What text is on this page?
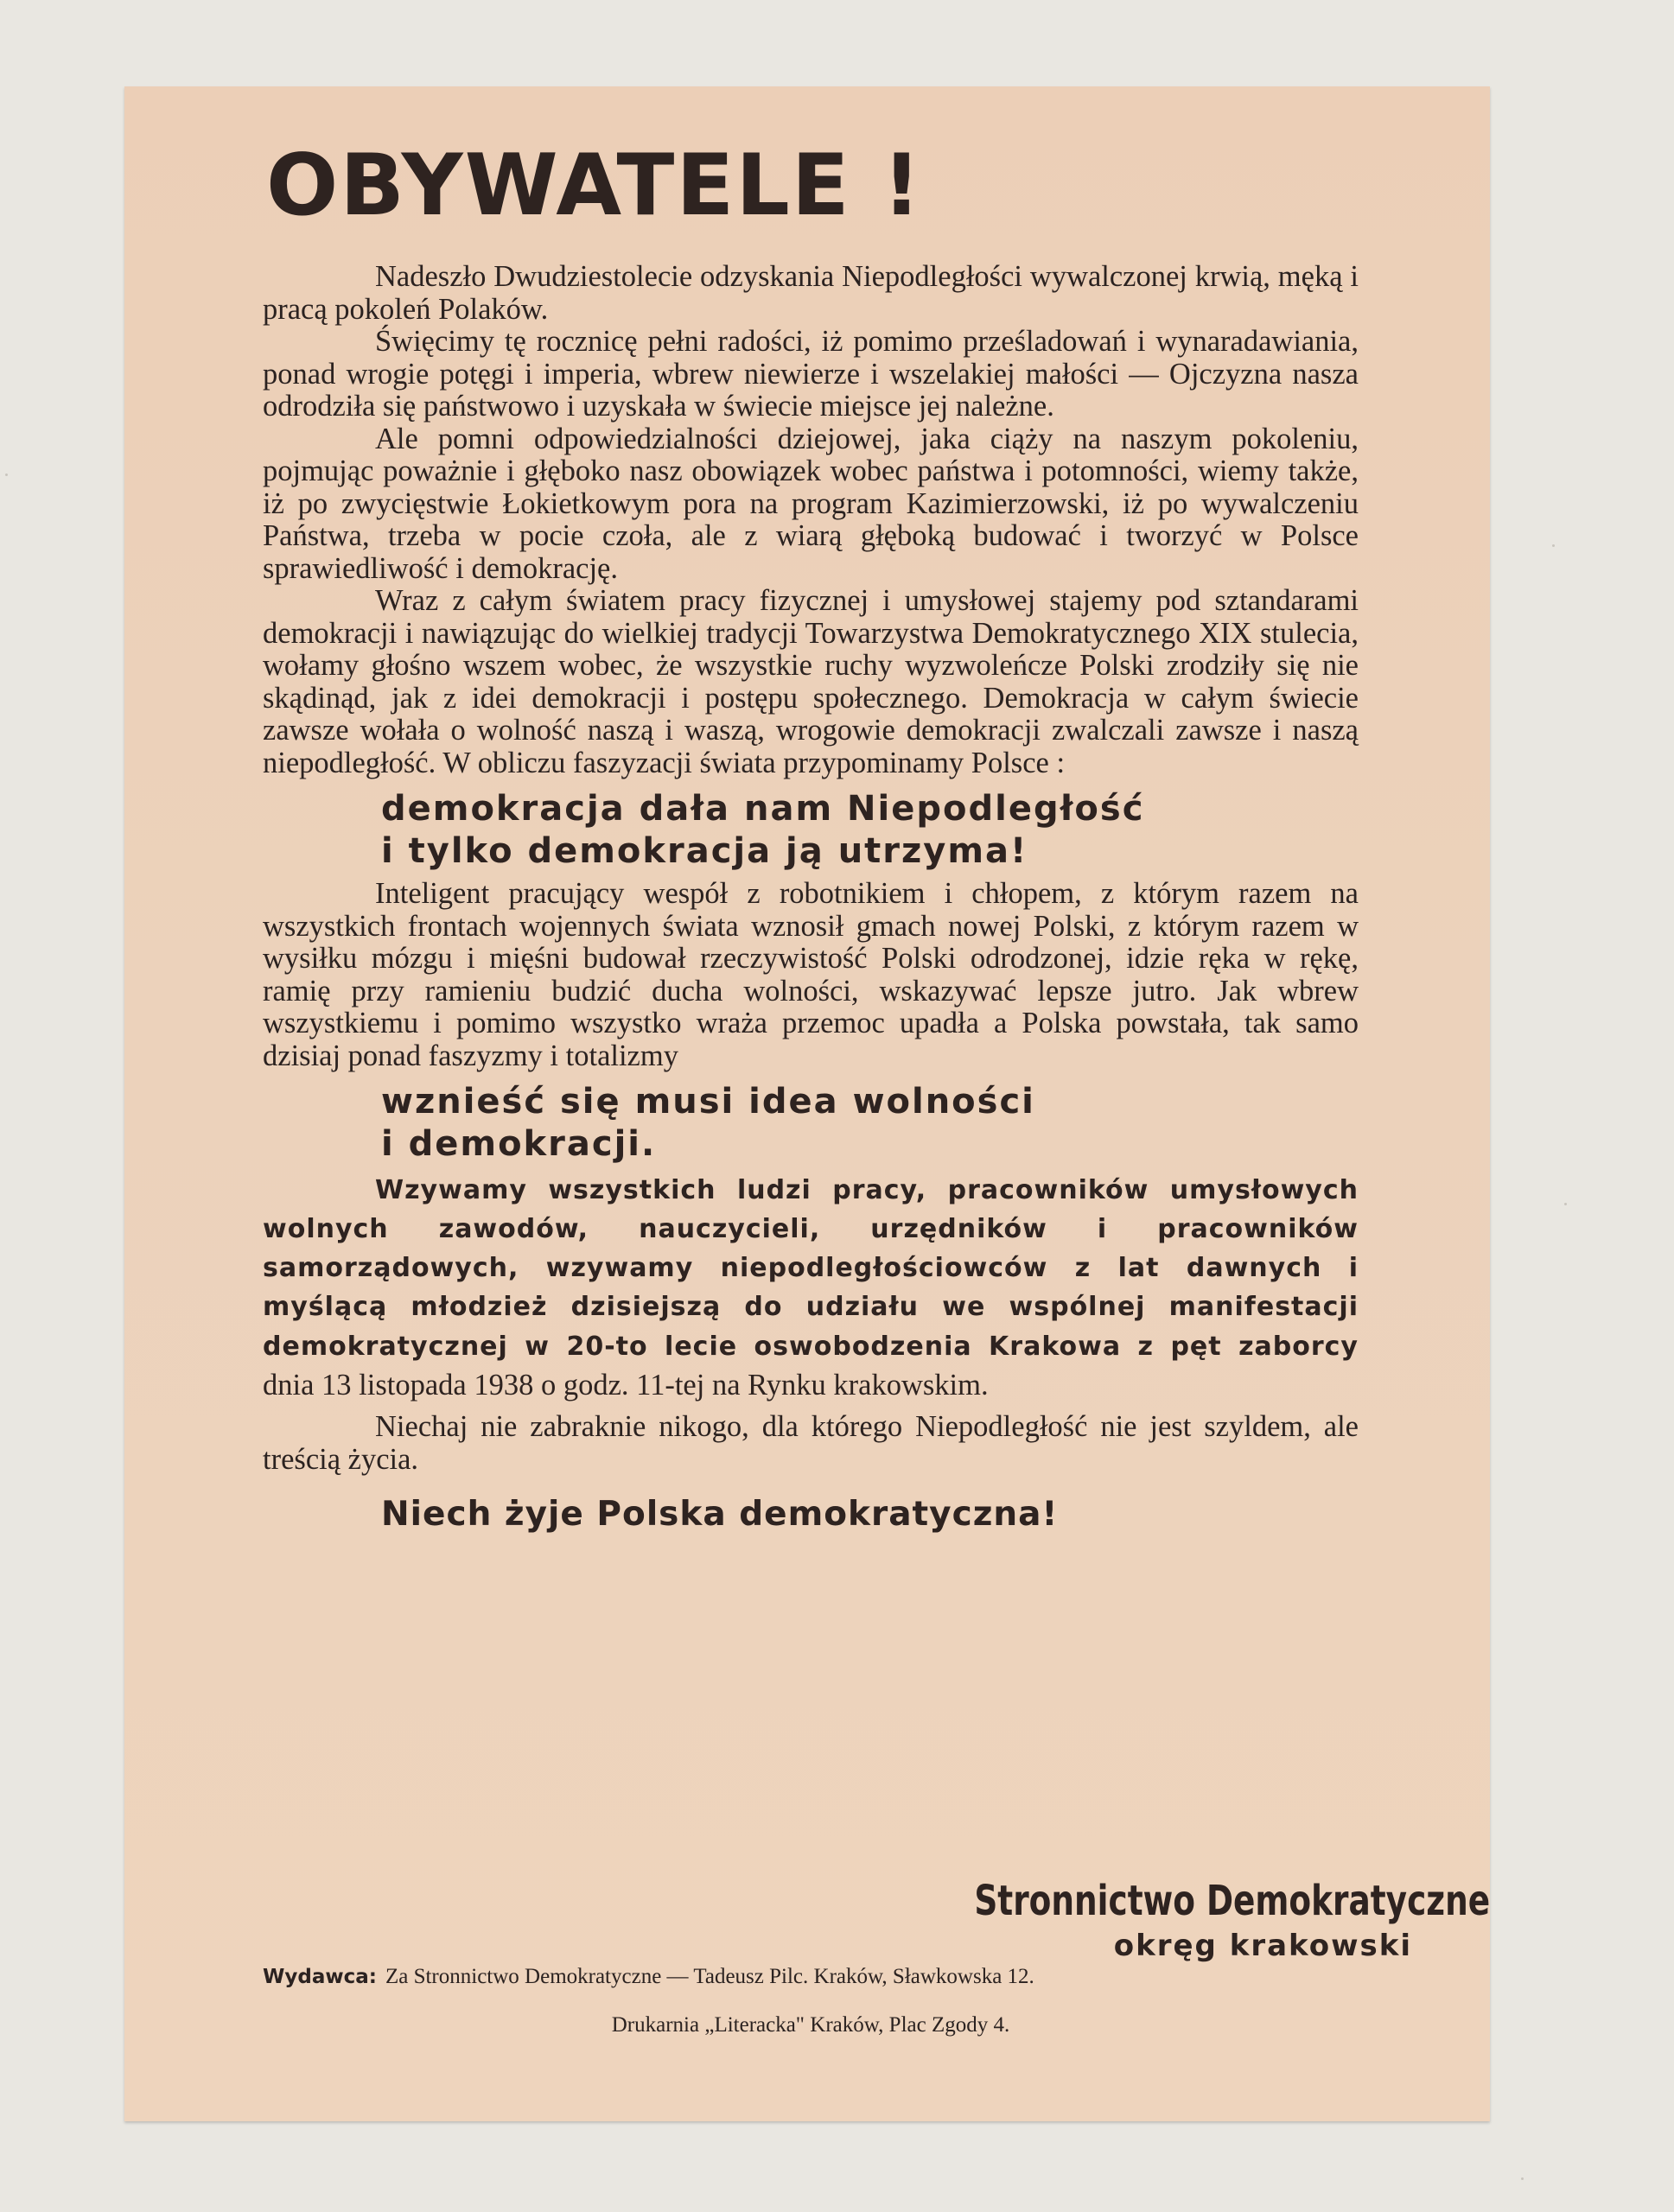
OBYWATELE !

Nadeszło Dwudziestolecie odzyskania Niepodległości wywalczonej krwią, męką i pracą pokoleń Polaków.

Święcimy tę rocznicę pełni radości, iż pomimo prześladowań i wynaradawiania, ponad wrogie potęgi i imperia, wbrew niewierze i wszelakiej małości — Ojczyzna nasza odrodziła się państwowo i uzyskała w świecie miejsce jej należne.

Ale pomni odpowiedzialności dziejowej, jaka ciąży na naszym pokoleniu, pojmując poważnie i głęboko nasz obowiązek wobec państwa i potomności, wiemy także, iż po zwycięstwie Łokietkowym pora na program Kazimierzowski, iż po wywalczeniu Państwa, trzeba w pocie czoła, ale z wiarą głęboką budować i tworzyć w Polsce sprawiedliwość i demokrację.

Wraz z całym światem pracy fizycznej i umysłowej stajemy pod sztandarami demokracji i nawiązując do wielkiej tradycji Towarzystwa Demokratycznego XIX stulecia, wołamy głośno wszem wobec, że wszystkie ruchy wyzwoleńcze Polski zrodziły się nie skądinąd, jak z idei demokracji i postępu społecznego. Demokracja w całym świecie zawsze wołała o wolność naszą i waszą, wrogowie demokracji zwalczali zawsze i naszą niepodległość. W obliczu faszyzacji świata przypominamy Polsce :

demokracja dała nam Niepodległość
i tylko demokracja ją utrzyma!

Inteligent pracujący wespół z robotnikiem i chłopem, z którym razem na wszystkich frontach wojennych świata wznosił gmach nowej Polski, z którym razem w wysiłku mózgu i mięśni budował rzeczywistość Polski odrodzonej, idzie ręka w rękę, ramię przy ramieniu budzić ducha wolności, wskazywać lepsze jutro. Jak wbrew wszystkiemu i pomimo wszystko wraża przemoc upadła a Polska powstała, tak samo dzisiaj ponad faszyzmy i totalizmy

wznieść się musi idea wolności
i demokracji.

Wzywamy wszystkich ludzi pracy, pracowników umysłowych wolnych zawodów, nauczycieli, urzędników i pracowników samorządowych, wzywamy niepodległościowców z lat dawnych i myślącą młodzież dzisiejszą do udziału we wspólnej manifestacji demokratycznej w 20-to lecie oswobodzenia Krakowa z pęt zaborcy dnia 13 listopada 1938 o godz. 11-tej na Rynku krakowskim.

Niechaj nie zabraknie nikogo, dla którego Niepodległość nie jest szyldem, ale treścią życia.

Niech żyje Polska demokratyczna!
Stronnictwo Demokratyczne
okręg krakowski
Wydawca: Za Stronnictwo Demokratyczne — Tadeusz Pilc. Kraków, Sławkowska 12.
Drukarnia „Literacka" Kraków, Plac Zgody 4.
